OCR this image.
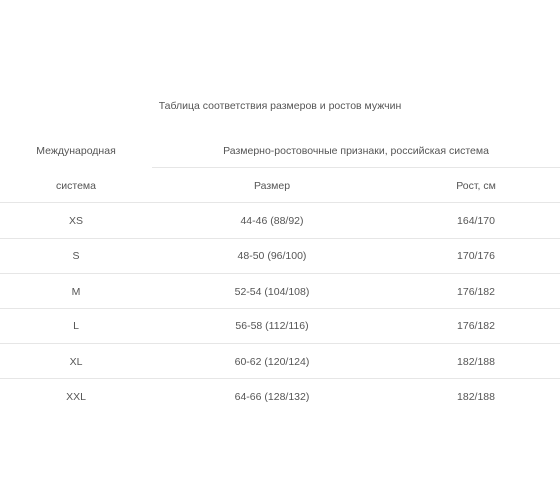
Таблица соответствия размеров и ростов мужчин
Международная	Размерно-ростовочные признаки, российская система
система	Размер	Рост, см
XS	44-46 (88/92)	164/170
S	48-50 (96/100)	170/176
M	52-54 (104/108)	176/182
L	56-58 (112/116)	176/182
XL	60-62 (120/124)	182/188
XXL	64-66 (128/132)	182/188
